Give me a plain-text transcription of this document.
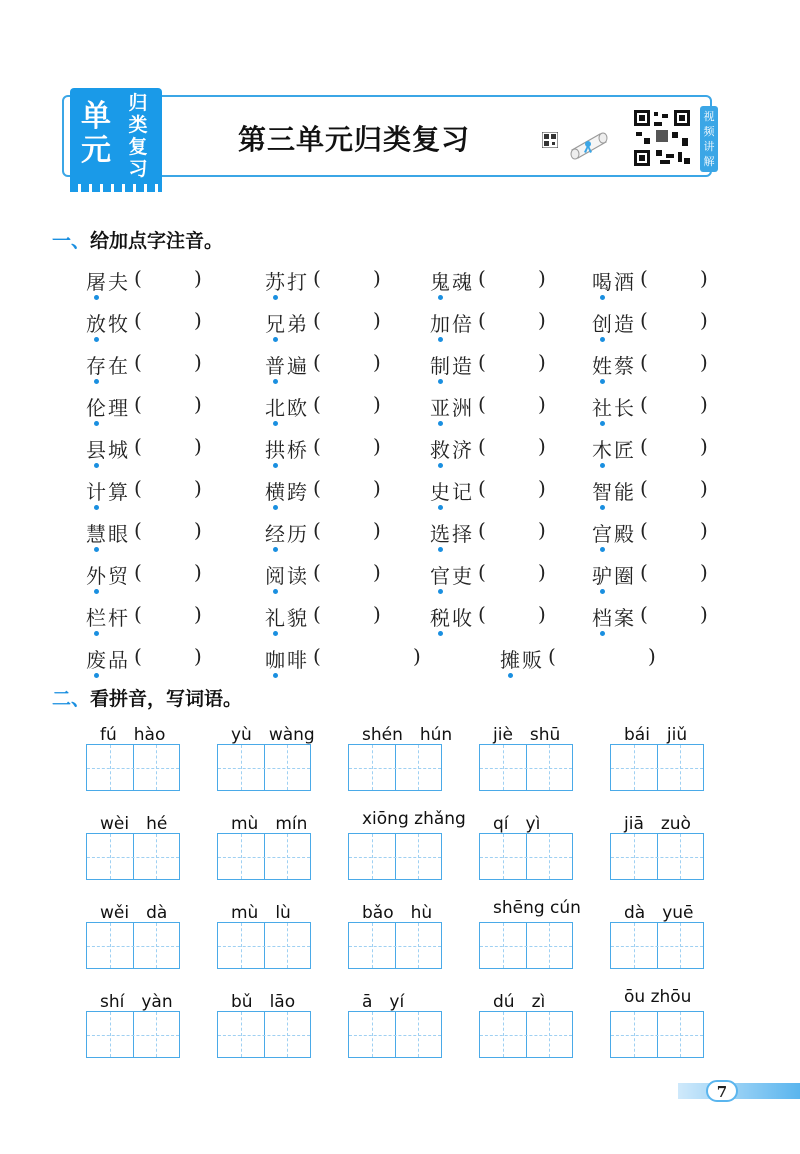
单元
归类复习
第三单元归类复习
视频讲解
一、给加点字注音。
屠夫 (	)	苏打 (	) 鬼魂 (	) 喝酒 (	)
放牧 (	)	兄弟 (	) 加倍 (	) 创造 (	)
存在 (	)	普遍 (	) 制造 (	) 姓蔡 (	)
伦理 (	)	北欧 (	) 亚洲 (	) 社长 (	)
县城 (	)	拱桥 (	) 救济 (	) 木匠 (	)
计算 (	)	横跨 (	) 史记 (	) 智能 (	)
慧眼 (	)	经历 (	) 选择 (	) 宫殿 (	)
外贸 (	)	阅读 (	) 官吏 (	) 驴圈 (	)
栏杆 (	)	礼貌 (	) 税收 (	) 档案 (	)
废品 (	)	咖啡 (	)	摊贩 (	)
二、看拼音，写词语。
fú　hào	yù　wàng	shén　hún jiè　shū	bái　jiǔ
wèi　hé	mù　mín	xiōng zhǎng qí　yì	jiā　zuò
wěi　dà	mù　lù	bǎo　hù	shēng cún	dà　yuē
shí　yàn	bǔ　lāo	ā　yí	dú　zì	ōu zhōu
7
